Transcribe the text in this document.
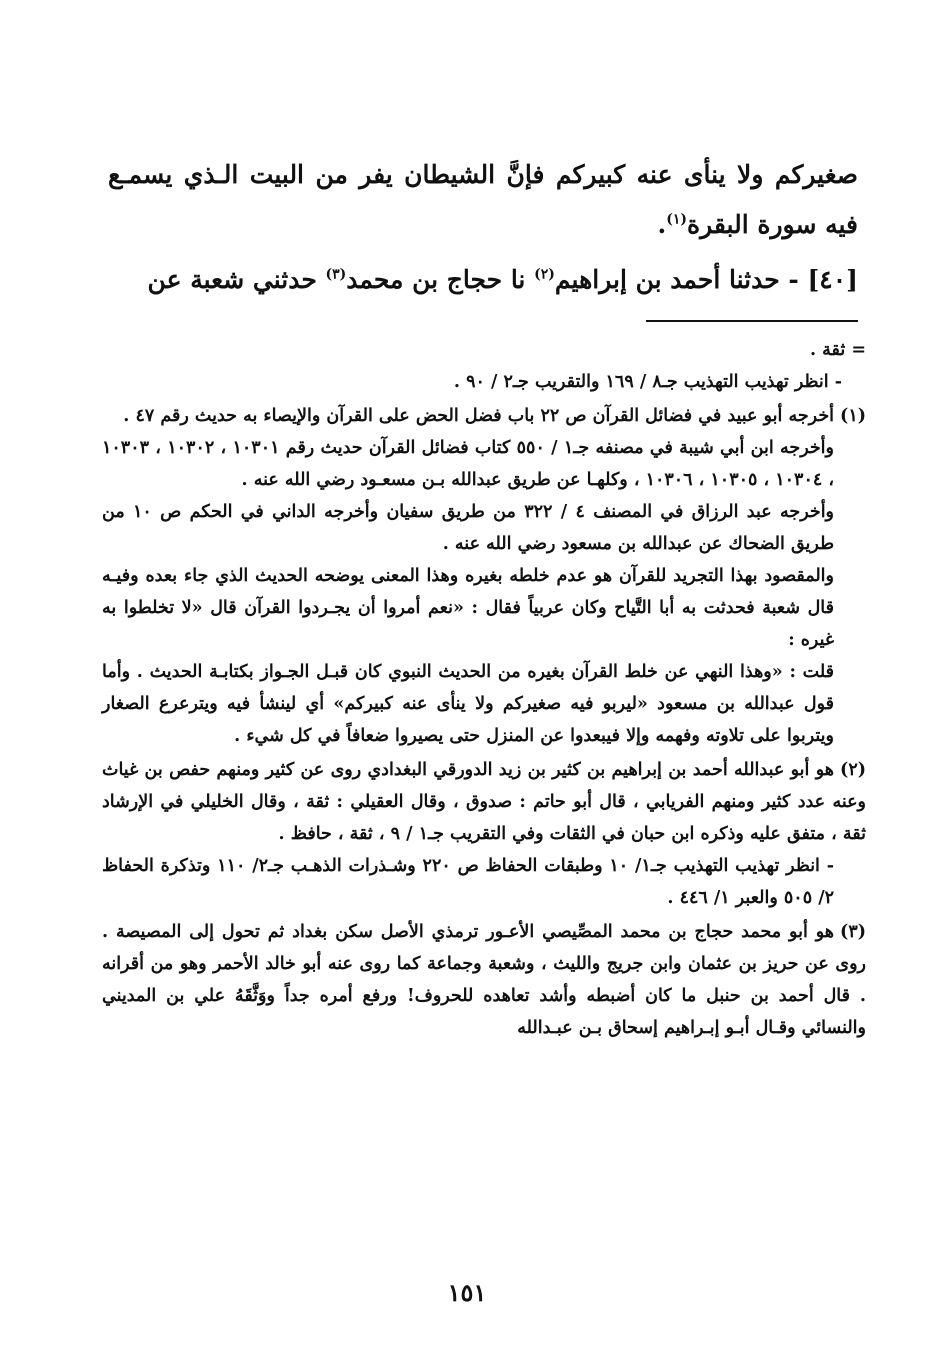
صغيركم ولا ينأى عنه كبيركم فإنَّ الشيطان يفر من البيت الـذي يسمـع فيه سورة البقرة$^{(١)}$.

[٤٠] - حدثنا أحمد بن إبراهيم$^{(٢)}$ نا حجاج بن محمد$^{(٣)}$ حدثني شعبة عن

= ثقة .

- انظر تهذيب التهذيب جـ٨ / ١٦٩ والتقريب جـ٢ / ٩٠ .

(١)أخرجه أبو عبيد في فضائل القرآن ص ٢٢ باب فضل الحض على القرآن والإيصاء به حديث رقم ٤٧ .

وأخرجه ابن أبي شيبة في مصنفه جـ١ / ٥٥٠ كتاب فضائل القرآن حديث رقم ١٠٣٠١ ، ١٠٣٠٢ ، ١٠٣٠٣ ، ١٠٣٠٤ ، ١٠٣٠٥ ، ١٠٣٠٦ ، وكلهـا عن طريق عبدالله بـن مسعـود رضي الله عنه .

وأخرجه عبد الرزاق في المصنف ٤ / ٣٢٢ من طريق سفيان وأخرجه الداني في الحكم ص ١٠ من طريق الضحاك عن عبدالله بن مسعود رضي الله عنه .

والمقصود بهذا التجريد للقرآن هو عدم خلطه بغيره وهذا المعنى يوضحه الحديث الذي جاء بعده وفيـه قال شعبة فحدثت به أبا التَّياح وكان عربياً فقال : «نعم أمروا أن يجـردوا القرآن قال «لا تخلطوا به غيره :

قلت : «وهذا النهي عن خلط القرآن بغيره من الحديث النبوي كان قبـل الجـواز بكتابـة الحديث . وأما قول عبدالله بن مسعود «ليربو فيه صغيركم ولا ينأى عنه كبيركم» أي لينشأ فيه ويترعرع الصغار ويتربوا على تلاوته وفهمه وإلا فيبعدوا عن المنزل حتى يصيروا ضعافاً في كل شيء .

(٢)هو أبو عبدالله أحمد بن إبراهيم بن كثير بن زيد الدورقي البغدادي روى عن كثير ومنهم حفص بن غياث وعنه عدد كثير ومنهم الفريابي ، قال أبو حاتم : صدوق ، وقال العقيلي : ثقة ، وقال الخليلي في الإرشاد ثقة ، متفق عليه وذكره ابن حبان في الثقات وفي التقريب جـ١ / ٩ ، ثقة ، حافظ .

- انظر تهذيب التهذيب جـ١/ ١٠ وطبقات الحفاظ ص ٢٢٠ وشـذرات الذهـب جـ٢/ ١١٠ وتذكرة الحفاظ ٢/ ٥٠٥ والعبر ١/ ٤٤٦ .

(٣)هو أبو محمد حجاج بن محمد المصِّيصي الأعـور ترمذي الأصل سكن بغداد ثم تحول إلى المصيصة . روى عن حريز بن عثمان وابن جريج والليث ، وشعبة وجماعة كما روى عنه أبو خالد الأحمر وهو من أقرانه . قال أحمد بن حنبل ما كان أضبطه وأشد تعاهده للحروف! ورفع أمره جداً ووَثَّقَهُ علي بن المديني والنسائي وقـال أبـو إبـراهيم إسحاق بـن عبـدالله

١٥١
